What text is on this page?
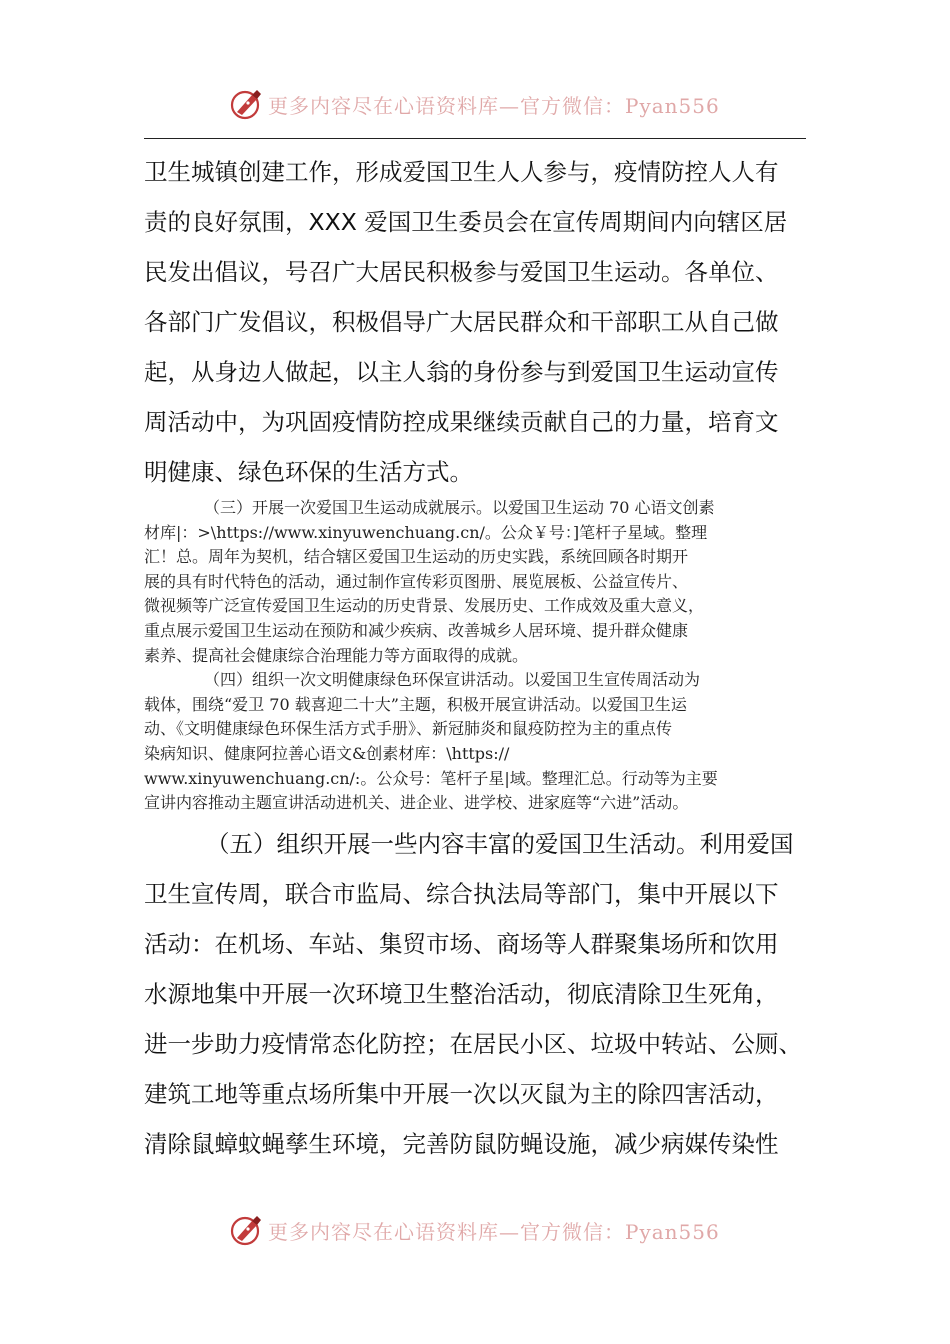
更多内容尽在心语资料库—官方微信：Pyan556
卫生城镇创建工作，形成爱国卫生人人参与，疫情防控人人有
责的良好氛围，XXX 爱国卫生委员会在宣传周期间内向辖区居
民发出倡议，号召广大居民积极参与爱国卫生运动。各单位、
各部门广发倡议，积极倡导广大居民群众和干部职工从自己做
起，从身边人做起，以主人翁的身份参与到爱国卫生运动宣传
周活动中，为巩固疫情防控成果继续贡献自己的力量，培育文
明健康、绿色环保的生活方式。
（三）开展一次爱国卫生运动成就展示。以爱国卫生运动 70 心语文创素
材库|：>\https://www.xinyuwenchuang.cn/。公众￥号：]笔杆子星域。整理
汇！总。周年为契机，结合辖区爱国卫生运动的历史实践，系统回顾各时期开
展的具有时代特色的活动，通过制作宣传彩页图册、展览展板、公益宣传片、
微视频等广泛宣传爱国卫生运动的历史背景、发展历史、工作成效及重大意义，
重点展示爱国卫生运动在预防和减少疾病、改善城乡人居环境、提升群众健康
素养、提高社会健康综合治理能力等方面取得的成就。
（四）组织一次文明健康绿色环保宣讲活动。以爱国卫生宣传周活动为
载体，围绕“爱卫 70 载喜迎二十大”主题，积极开展宣讲活动。以爱国卫生运
动、《文明健康绿色环保生活方式手册》、新冠肺炎和鼠疫防控为主的重点传
染病知识、健康阿拉善心语文&创素材库：\https://
www.xinyuwenchuang.cn/:。公众号：笔杆子星|域。整理汇总。行动等为主要
宣讲内容推动主题宣讲活动进机关、进企业、进学校、进家庭等“六进”活动。
（五）组织开展一些内容丰富的爱国卫生活动。利用爱国
卫生宣传周，联合市监局、综合执法局等部门，集中开展以下
活动：在机场、车站、集贸市场、商场等人群聚集场所和饮用
水源地集中开展一次环境卫生整治活动，彻底清除卫生死角，
进一步助力疫情常态化防控；在居民小区、垃圾中转站、公厕、
建筑工地等重点场所集中开展一次以灭鼠为主的除四害活动，
清除鼠蟑蚊蝇孳生环境，完善防鼠防蝇设施，减少病媒传染性
更多内容尽在心语资料库—官方微信：Pyan556
